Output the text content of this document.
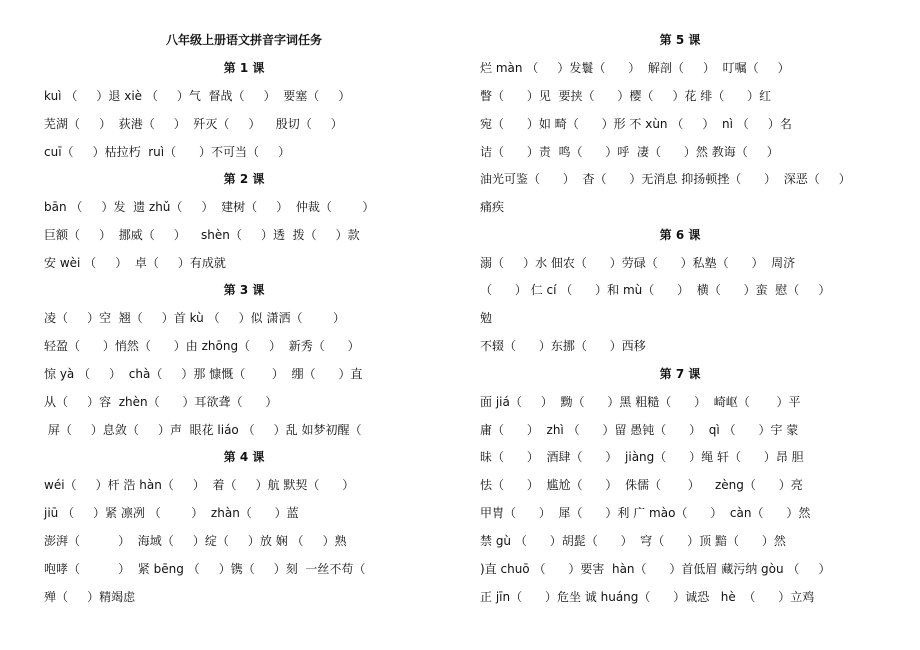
八年级上册语文拼音字词任务
第 1 课
kuì （     ）退 xiè （     ）气  督战（     ）  要塞（     ）
芜湖（     ）  荻港（     ）  歼灭（     ）    殷切（     ）
cuī（     ）枯拉朽  ruì（      ）不可当（     ）
第 2 课
bān （     ）发  遗 zhǔ（     ）  建树（     ）  仲裁（        ）
巨额（     ）  挪威（     ）    shèn（     ）透  拨（     ）款
安 wèi （     ）  卓（     ）有成就
第 3 课
凌（     ）空  翘（     ）首 kù （     ）似 潇洒（        ）
轻盈（      ）悄然（      ）由 zhōng（     ）  新秀（      ）
惊 yà （     ）  chà（     ）那 慷慨（       ）  绷（      ）直
从（     ）容  zhèn（      ）耳欲聋（      ）
屏（     ）息敛（     ）声  眼花 liáo （     ）乱 如梦初醒（
第 4 课
wéi（     ）杆 浩 hàn（     ）  着（     ）航 默契（      ）
jiū （     ）紧 凛冽 （        ）  zhàn（      ）蓝
澎湃（          ）  海域（     ）绽（     ）放 娴 （     ）熟
咆哮（          ）  紧 bēng （     ）镌（     ）刻  一丝不苟（
殚（     ）精竭虑
第 5 课
烂 màn （     ）发鬟（      ）  解剖（     ）  叮嘱（     ）
瞥（      ）见  要挟（      ）樱（     ）花 绯（      ）红
宛（      ）如 畸（      ）形 不 xùn （     ）  nì （     ）名
诘（      ）责  鸣（      ）呼  凄（      ）然 教诲（     ）
油光可鉴（      ）  杳（      ）无消息 抑扬顿挫（      ）  深恶（     ）
痛疾
第 6 课
溺（     ）水 佃农（      ）劳碌（      ）私塾（      ）  周济
（      ） 仁 cí （      ）和 mù（      ）  横（      ）蛮  慰（     ）
勉
不辍（      ）东挪（      ）西移
第 7 课
面 jiá（     ）  黝（      ）黑 粗糙（      ）  崎岖（       ）平
庸（      ）  zhì （      ）留 愚钝（      ）  qì （      ）宇 蒙
昧（      ）  酒肆（      ）  jiàng（      ）绳 轩（      ）昂 胆
怯（      ）  尴尬（      ）  侏儒（       ）    zèng（      ）亮
甲胄（      ）  犀（      ）利 广 mào（      ）  càn（      ）然
禁 gù （      ）胡髭（      ）  穹（      ）顶 黯（      ）然
)直 chuō （      ）要害  hàn（      ）首低眉 藏污纳 gòu （     ）
正 jīn（      ）危坐 诚 huáng（      ）诚恐   hè  （      ）立鸡
